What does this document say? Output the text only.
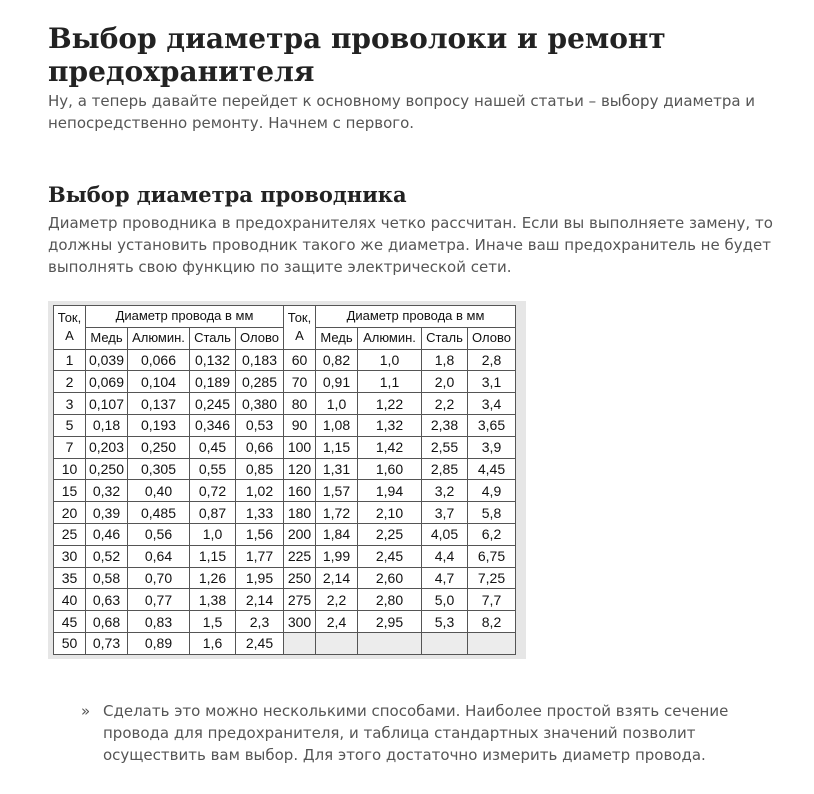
Выбор диаметра проволоки и ремонт предохранителя

Ну, а теперь давайте перейдет к основному вопросу нашей статьи – выбору диаметра и непосредственно ремонту. Начнем с первого.

Выбор диаметра проводника

Диаметр проводника в предохранителях четко рассчитан. Если вы выполняете замену, то должны установить проводник такого же диаметра. Иначе ваш предохранитель не будет выполнять свою функцию по защите электрической сети.

Ток, А	Диаметр провода в мм				Ток, А	Диаметр провода в мм			
	Медь	Алюмин.	Сталь	Олово		Медь	Алюмин.	Сталь	Олово
1	0,039	0,066	0,132	0,183	60	0,82	1,0	1,8	2,8
2	0,069	0,104	0,189	0,285	70	0,91	1,1	2,0	3,1
3	0,107	0,137	0,245	0,380	80	1,0	1,22	2,2	3,4
5	0,18	0,193	0,346	0,53	90	1,08	1,32	2,38	3,65
7	0,203	0,250	0,45	0,66	100	1,15	1,42	2,55	3,9
10	0,250	0,305	0,55	0,85	120	1,31	1,60	2,85	4,45
15	0,32	0,40	0,72	1,02	160	1,57	1,94	3,2	4,9
20	0,39	0,485	0,87	1,33	180	1,72	2,10	3,7	5,8
25	0,46	0,56	1,0	1,56	200	1,84	2,25	4,05	6,2
30	0,52	0,64	1,15	1,77	225	1,99	2,45	4,4	6,75
35	0,58	0,70	1,26	1,95	250	2,14	2,60	4,7	7,25
40	0,63	0,77	1,38	2,14	275	2,2	2,80	5,0	7,7
45	0,68	0,83	1,5	2,3	300	2,4	2,95	5,3	8,2
50	0,73	0,89	1,6	2,45					
» Сделать это можно несколькими способами. Наиболее простой взять сечение провода для предохранителя, и таблица стандартных значений позволит осуществить вам выбор. Для этого достаточно измерить диаметр провода.
